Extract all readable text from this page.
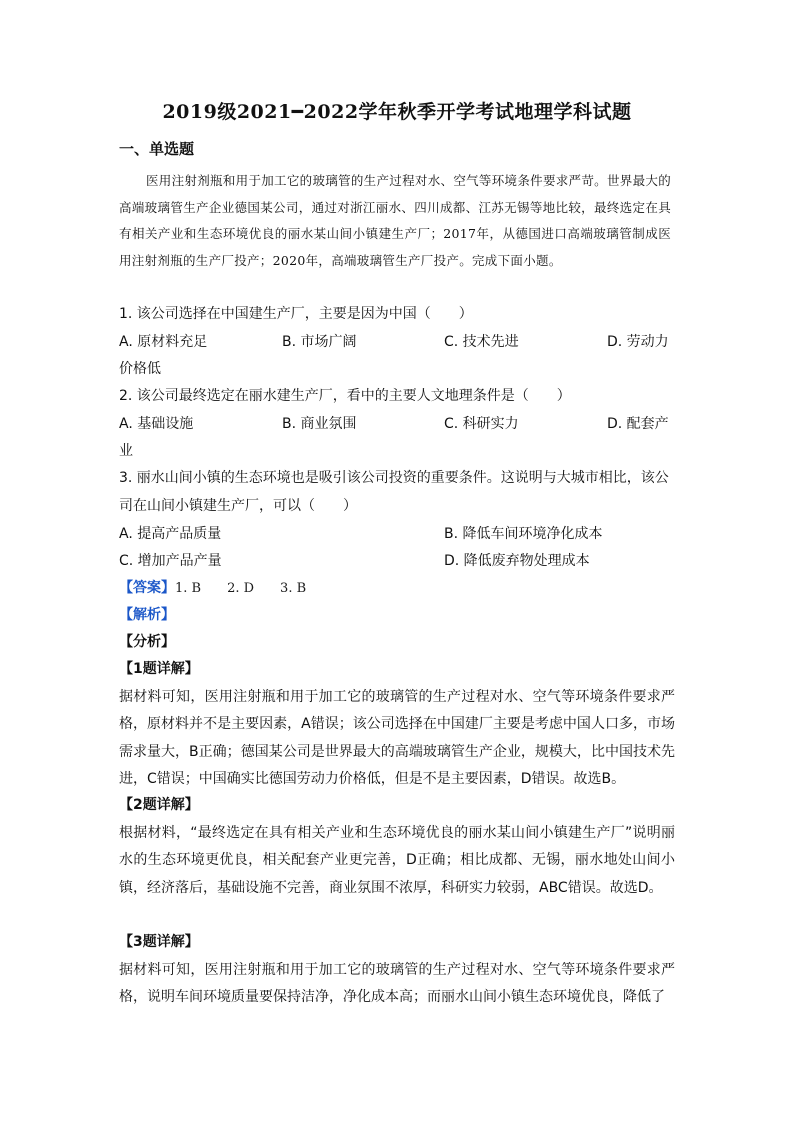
2019级2021━2022学年秋季开学考试地理学科试题
一、单选题
医用注射剂瓶和用于加工它的玻璃管的生产过程对水、空气等环境条件要求严苛。世界最大的高端玻璃管生产企业德国某公司，通过对浙江丽水、四川成都、江苏无锡等地比较，最终选定在具有相关产业和生态环境优良的丽水某山间小镇建生产厂；2017年，从德国进口高端玻璃管制成医用注射剂瓶的生产厂投产；2020年，高端玻璃管生产厂投产。完成下面小题。
1. 该公司选择在中国建生产厂，主要是因为中国（　　）
A. 原材料充足	B. 市场广阔	C. 技术先进	D. 劳动力
价格低
2. 该公司最终选定在丽水建生产厂，看中的主要人文地理条件是（　　）
A. 基础设施	B. 商业氛围	C. 科研实力	D. 配套产
业
3. 丽水山间小镇的生态环境也是吸引该公司投资的重要条件。这说明与大城市相比，该公
司在山间小镇建生产厂，可以（　　）
A. 提高产品质量	B. 降低车间环境净化成本
C. 增加产品产量	D. 降低废弃物处理成本
【答案】1. B　　2. D　　3. B
【解析】
【分析】
【1题详解】
据材料可知，医用注射瓶和用于加工它的玻璃管的生产过程对水、空气等环境条件要求严格，原材料并不是主要因素，A错误；该公司选择在中国建厂主要是考虑中国人口多，市场需求量大，B正确；德国某公司是世界最大的高端玻璃管生产企业，规模大，比中国技术先进，C错误；中国确实比德国劳动力价格低，但是不是主要因素，D错误。故选B。
【2题详解】
根据材料，“最终选定在具有相关产业和生态环境优良的丽水某山间小镇建生产厂”说明丽水的生态环境更优良，相关配套产业更完善，D正确；相比成都、无锡，丽水地处山间小镇，经济落后，基础设施不完善，商业氛围不浓厚，科研实力较弱，ABC错误。故选D。
【3题详解】
据材料可知，医用注射瓶和用于加工它的玻璃管的生产过程对水、空气等环境条件要求严格，说明车间环境质量要保持洁净，净化成本高；而丽水山间小镇生态环境优良，降低了
